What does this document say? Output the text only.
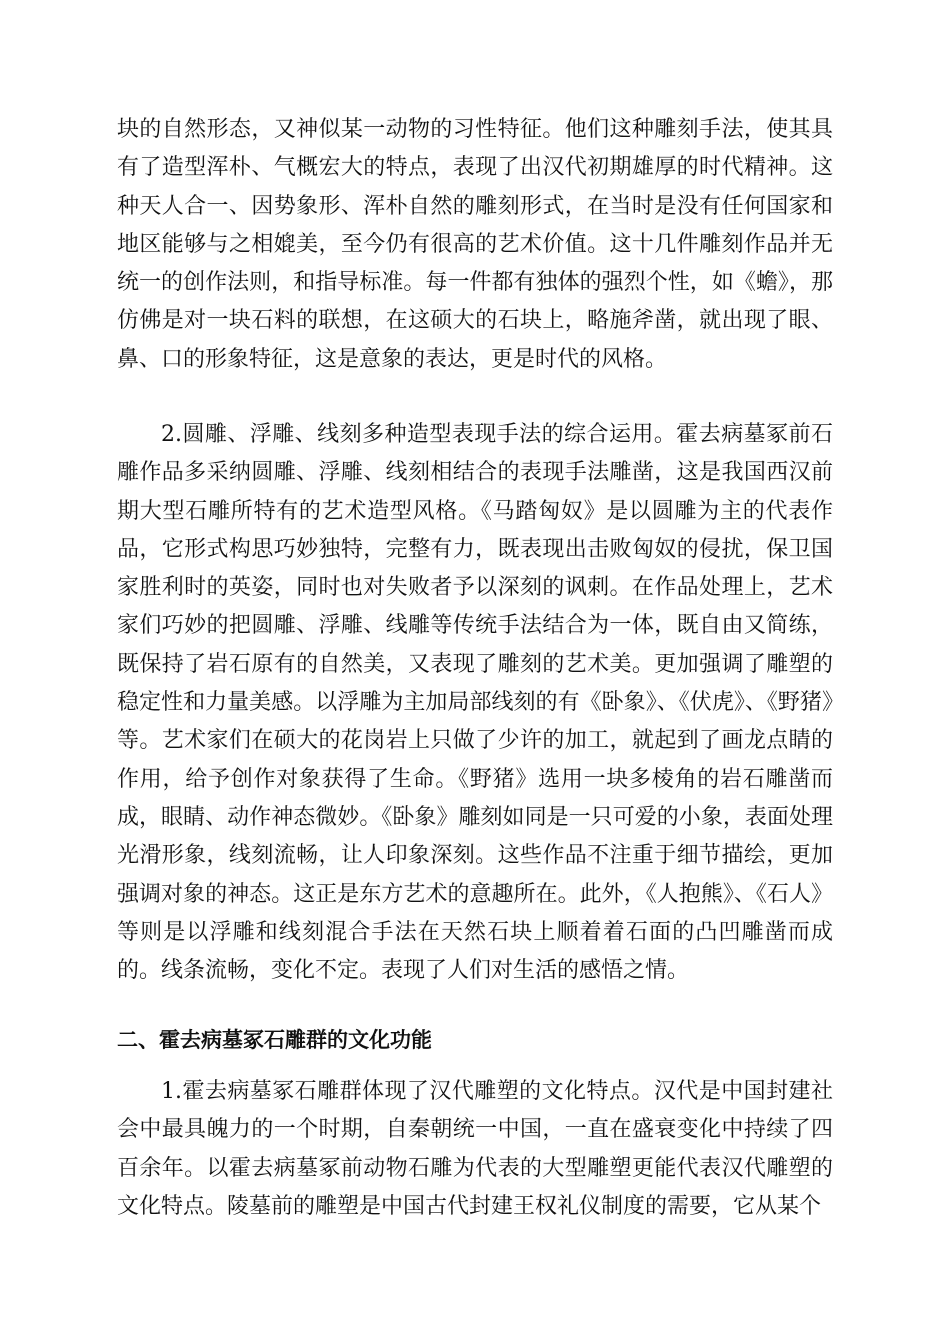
块的自然形态，又神似某一动物的习性特征。他们这种雕刻手法，使其具有了造型浑朴、气概宏大的特点，表现了出汉代初期雄厚的时代精神。这种天人合一、因势象形、浑朴自然的雕刻形式，在当时是没有任何国家和地区能够与之相媲美，至今仍有很高的艺术价值。这十几件雕刻作品并无统一的创作法则，和指导标准。每一件都有独体的强烈个性，如《蟾》，那仿佛是对一块石料的联想，在这硕大的石块上，略施斧凿，就出现了眼、鼻、口的形象特征，这是意象的表达，更是时代的风格。

2.圆雕、浮雕、线刻多种造型表现手法的综合运用。霍去病墓冢前石雕作品多采纳圆雕、浮雕、线刻相结合的表现手法雕凿，这是我国西汉前期大型石雕所特有的艺术造型风格。《马踏匈奴》是以圆雕为主的代表作品，它形式构思巧妙独特，完整有力，既表现出击败匈奴的侵扰，保卫国家胜利时的英姿，同时也对失败者予以深刻的讽刺。在作品处理上，艺术家们巧妙的把圆雕、浮雕、线雕等传统手法结合为一体，既自由又简练，既保持了岩石原有的自然美，又表现了雕刻的艺术美。更加强调了雕塑的稳定性和力量美感。以浮雕为主加局部线刻的有《卧象》、《伏虎》、《野猪》等。艺术家们在硕大的花岗岩上只做了少许的加工，就起到了画龙点睛的作用，给予创作对象获得了生命。《野猪》选用一块多棱角的岩石雕凿而成，眼睛、动作神态微妙。《卧象》雕刻如同是一只可爱的小象，表面处理光滑形象，线刻流畅，让人印象深刻。这些作品不注重于细节描绘，更加强调对象的神态。这正是东方艺术的意趣所在。此外，《人抱熊》、《石人》等则是以浮雕和线刻混合手法在天然石块上顺着着石面的凸凹雕凿而成的。线条流畅，变化不定。表现了人们对生活的感悟之情。

二、霍去病墓冢石雕群的文化功能

1.霍去病墓冢石雕群体现了汉代雕塑的文化特点。汉代是中国封建社会中最具魄力的一个时期，自秦朝统一中国，一直在盛衰变化中持续了四百余年。以霍去病墓冢前动物石雕为代表的大型雕塑更能代表汉代雕塑的文化特点。陵墓前的雕塑是中国古代封建王权礼仪制度的需要，它从某个
